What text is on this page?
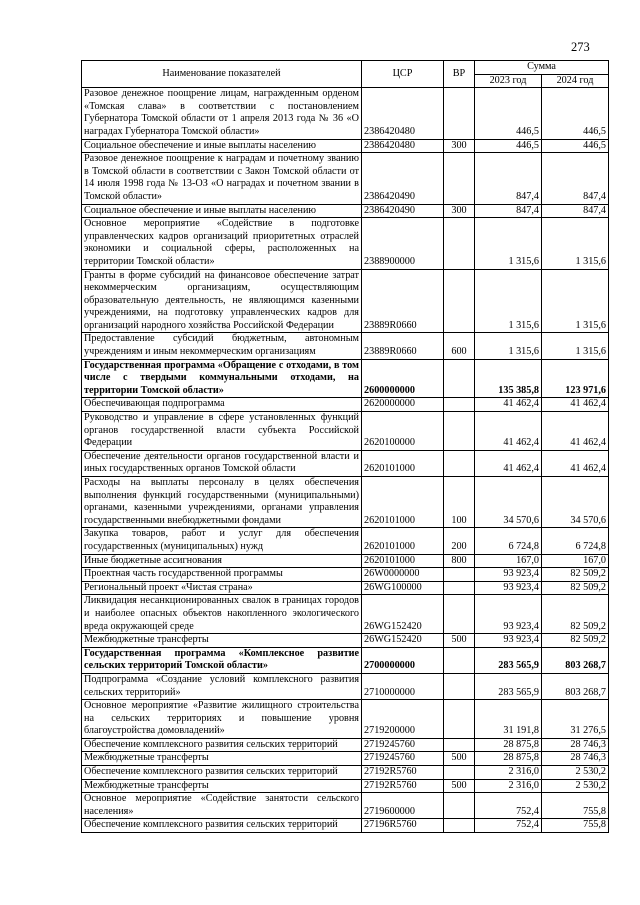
273
Наименование показателей	ЦСР	ВР	Сумма	
			2023 год	2024 год
Разовое денежное поощрение лицам, награжденным орденом «Томская слава» в соответствии с постановлением Губернатора Томской области от 1 апреля 2013 года № 36 «О наградах Губернатора Томской области»	2386420480		446,5	446,5
Социальное обеспечение и иные выплаты населению	2386420480	300	446,5	446,5
Разовое денежное поощрение к наградам и почетному званию в Томской области в соответствии с Закон Томской области от 14 июля 1998 года № 13-ОЗ «О наградах и почетном звании в Томской области»	2386420490		847,4	847,4
Социальное обеспечение и иные выплаты населению	2386420490	300	847,4	847,4
Основное мероприятие «Содействие в подготовке управленческих кадров организаций приоритетных отраслей экономики и социальной сферы, расположенных на территории Томской области»	2388900000		1 315,6	1 315,6
Гранты в форме субсидий на финансовое обеспечение затрат некоммерческим организациям, осуществляющим образовательную деятельность, не являющимся казенными учреждениями, на подготовку управленческих кадров для организаций народного хозяйства Российской Федерации	23889R0660		1 315,6	1 315,6
Предоставление субсидий бюджетным, автономным учреждениям и иным некоммерческим организациям	23889R0660	600	1 315,6	1 315,6
Государственная программа «Обращение с отходами, в том числе с твердыми коммунальными отходами, на территории Томской области»	2600000000		135 385,8	123 971,6
Обеспечивающая подпрограмма	2620000000		41 462,4	41 462,4
Руководство и управление в сфере установленных функций органов государственной власти субъекта Российской Федерации	2620100000		41 462,4	41 462,4
Обеспечение деятельности органов государственной власти и иных государственных органов Томской области	2620101000		41 462,4	41 462,4
Расходы на выплаты персоналу в целях обеспечения выполнения функций государственными (муниципальными) органами, казенными учреждениями, органами управления государственными внебюджетными фондами	2620101000	100	34 570,6	34 570,6
Закупка товаров, работ и услуг для обеспечения государственных (муниципальных) нужд	2620101000	200	6 724,8	6 724,8
Иные бюджетные ассигнования	2620101000	800	167,0	167,0
Проектная часть государственной программы	26W0000000		93 923,4	82 509,2
Региональный проект «Чистая страна»	26WG100000		93 923,4	82 509,2
Ликвидация несанкционированных свалок в границах городов и наиболее опасных объектов накопленного экологического вреда окружающей среде	26WG152420		93 923,4	82 509,2
Межбюджетные трансферты	26WG152420	500	93 923,4	82 509,2
Государственная программа «Комплексное развитие сельских территорий Томской области»	2700000000		283 565,9	803 268,7
Подпрограмма «Создание условий комплексного развития сельских территорий»	2710000000		283 565,9	803 268,7
Основное мероприятие «Развитие жилищного строительства на сельских территориях и повышение уровня благоустройства домовладений»	2719200000		31 191,8	31 276,5
Обеспечение комплексного развития сельских территорий	2719245760		28 875,8	28 746,3
Межбюджетные трансферты	2719245760	500	28 875,8	28 746,3
Обеспечение комплексного развития сельских территорий	27192R5760		2 316,0	2 530,2
Межбюджетные трансферты	27192R5760	500	2 316,0	2 530,2
Основное мероприятие «Содействие занятости сельского населения»	2719600000		752,4	755,8
Обеспечение комплексного развития сельских территорий	27196R5760		752,4	755,8
